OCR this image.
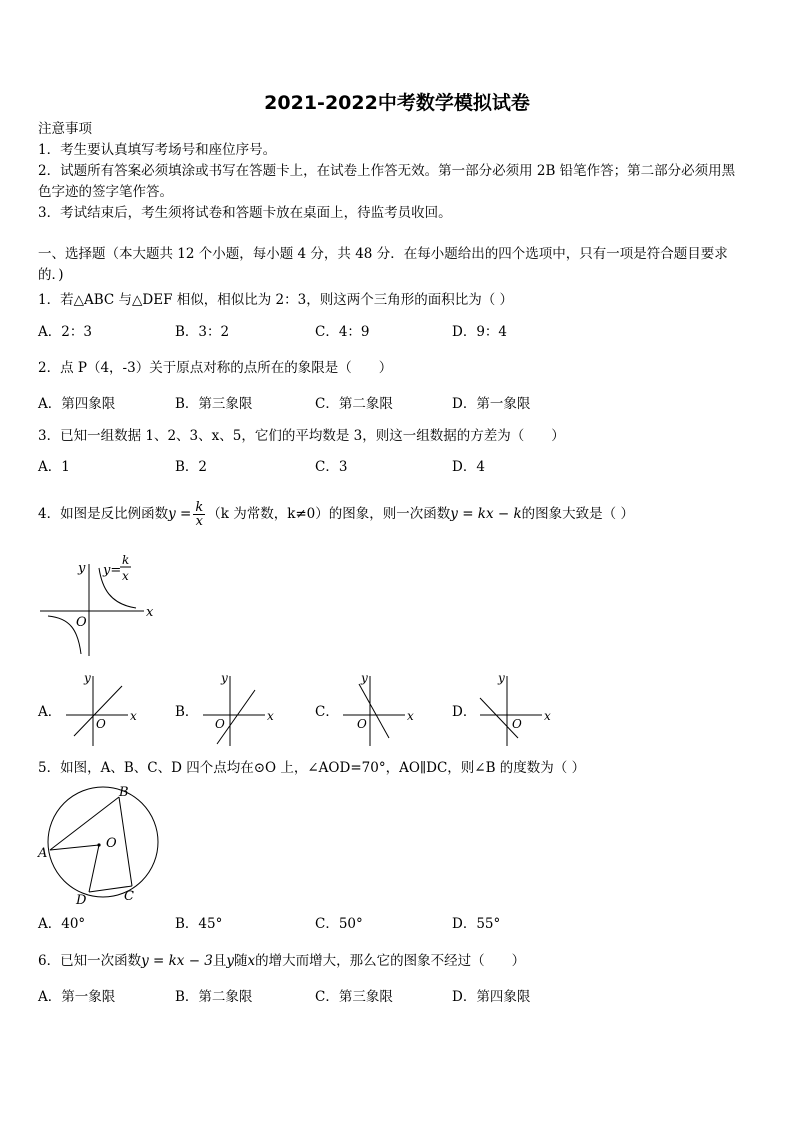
2021-2022中考数学模拟试卷
注意事项
1．考生要认真填写考场号和座位序号。
2．试题所有答案必须填涂或书写在答题卡上，在试卷上作答无效。第一部分必须用 2B 铅笔作答；第二部分必须用黑
色字迹的签字笔作答。
3．考试结束后，考生须将试卷和答题卡放在桌面上，待监考员收回。
一、选择题（本大题共 12 个小题，每小题 4 分，共 48 分．在每小题给出的四个选项中，只有一项是符合题目要求
的．)
1．若△ABC 与△DEF 相似，相似比为 2：3，则这两个三角形的面积比为（ ）
A．2：3	B．3：2	C．4：9	D．9：4
2．点 P（4，-3）关于原点对称的点所在的象限是（　　）
A．第四象限	B．第三象限	C．第二象限	D．第一象限
3．已知一组数据 1、2、3、x、5，它们的平均数是 3，则这一组数据的方差为（　　）
A．1	B．2	C．3	D．4
4．如图是反比例函数$y = \frac{k}{x} (k$ 为常数，k≠0）的图象，则一次函数y = kx − k的图象大致是（ ）
x
y
O
y=
k
x
A．	x
y
O
B．	x
y
O
C．	x
y
O
D．	x
y
O
5．如图，A、B、C、D 四个点均在⊙O 上，∠AOD=70°，AO∥DC，则∠B 的度数为（ ）
A
B
C
D
O
A．40°	B．45°	C．50°	D．55°
6．已知一次函数y = kx − 3且y随x的增大而增大，那么它的图象不经过（　　）
A．第一象限	B．第二象限	C．第三象限	D．第四象限
